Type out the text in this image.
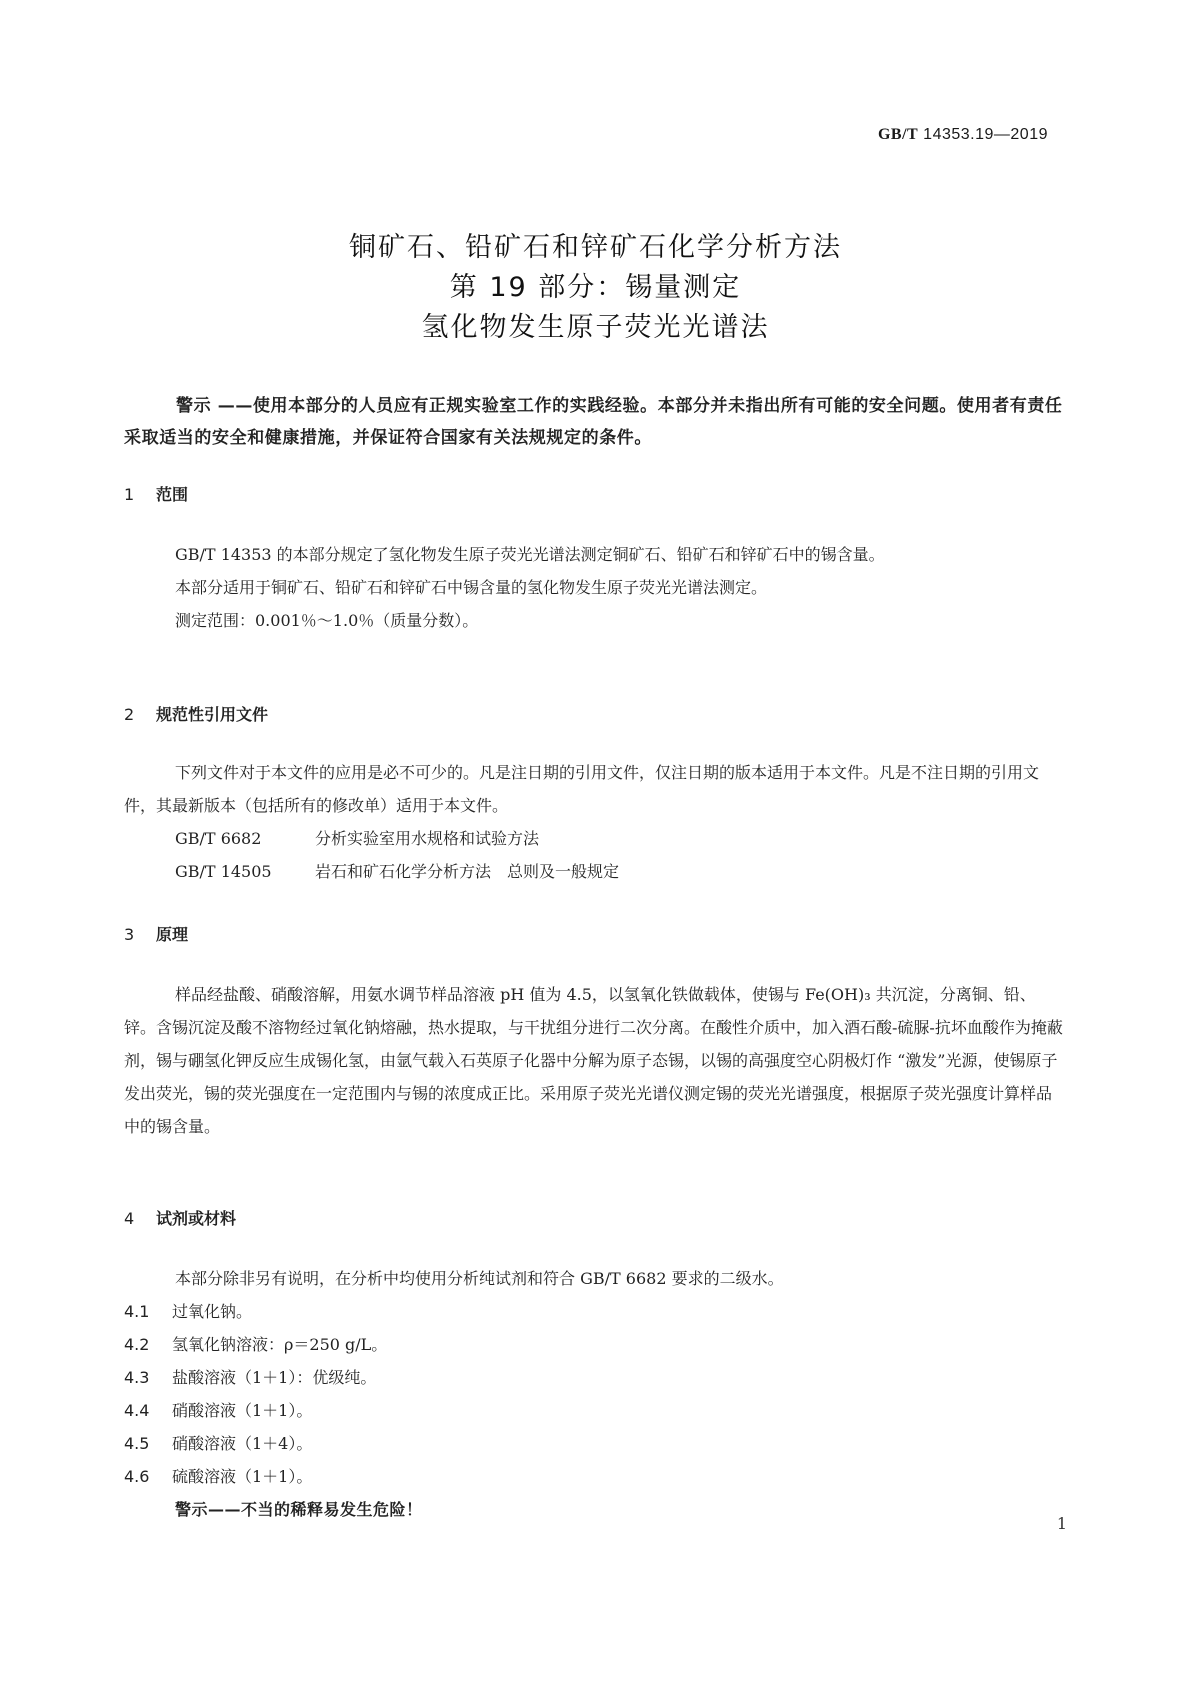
GB/T 14353.19—2019
铜矿石、铅矿石和锌矿石化学分析方法
第 19 部分：锡量测定
氢化物发生原子荧光光谱法
警示 ——使用本部分的人员应有正规实验室工作的实践经验。本部分并未指出所有可能的安全问题。使用者有责任采取适当的安全和健康措施，并保证符合国家有关法规规定的条件。
1 范围

GB/T 14353 的本部分规定了氢化物发生原子荧光光谱法测定铜矿石、铅矿石和锌矿石中的锡含量。

本部分适用于铜矿石、铅矿石和锌矿石中锡含量的氢化物发生原子荧光光谱法测定。

测定范围：0.001％～1.0％（质量分数）。

2 规范性引用文件

下列文件对于本文件的应用是必不可少的。凡是注日期的引用文件，仅注日期的版本适用于本文件。凡是不注日期的引用文件，其最新版本（包括所有的修改单）适用于本文件。

GB/T 6682	分析实验室用水规格和试验方法

GB/T 14505	岩石和矿石化学分析方法　总则及一般规定

3 原理

样品经盐酸、硝酸溶解，用氨水调节样品溶液 pH 值为 4.5，以氢氧化铁做载体，使锡与 Fe(OH)₃ 共沉淀，分离铜、铅、锌。含锡沉淀及酸不溶物经过氧化钠熔融，热水提取，与干扰组分进行二次分离。在酸性介质中，加入酒石酸-硫脲-抗坏血酸作为掩蔽剂，锡与硼氢化钾反应生成锡化氢，由氩气载入石英原子化器中分解为原子态锡，以锡的高强度空心阴极灯作 “激发”光源，使锡原子发出荧光，锡的荧光强度在一定范围内与锡的浓度成正比。采用原子荧光光谱仪测定锡的荧光光谱强度，根据原子荧光强度计算样品中的锡含量。

4 试剂或材料

本部分除非另有说明，在分析中均使用分析纯试剂和符合 GB/T 6682 要求的二级水。

4.1 过氧化钠。

4.2 氢氧化钠溶液：ρ＝250 g/L。

4.3 盐酸溶液（1＋1）：优级纯。

4.4 硝酸溶液（1＋1）。

4.5 硝酸溶液（1＋4）。

4.6 硫酸溶液（1＋1）。

警示——不当的稀释易发生危险！

1
